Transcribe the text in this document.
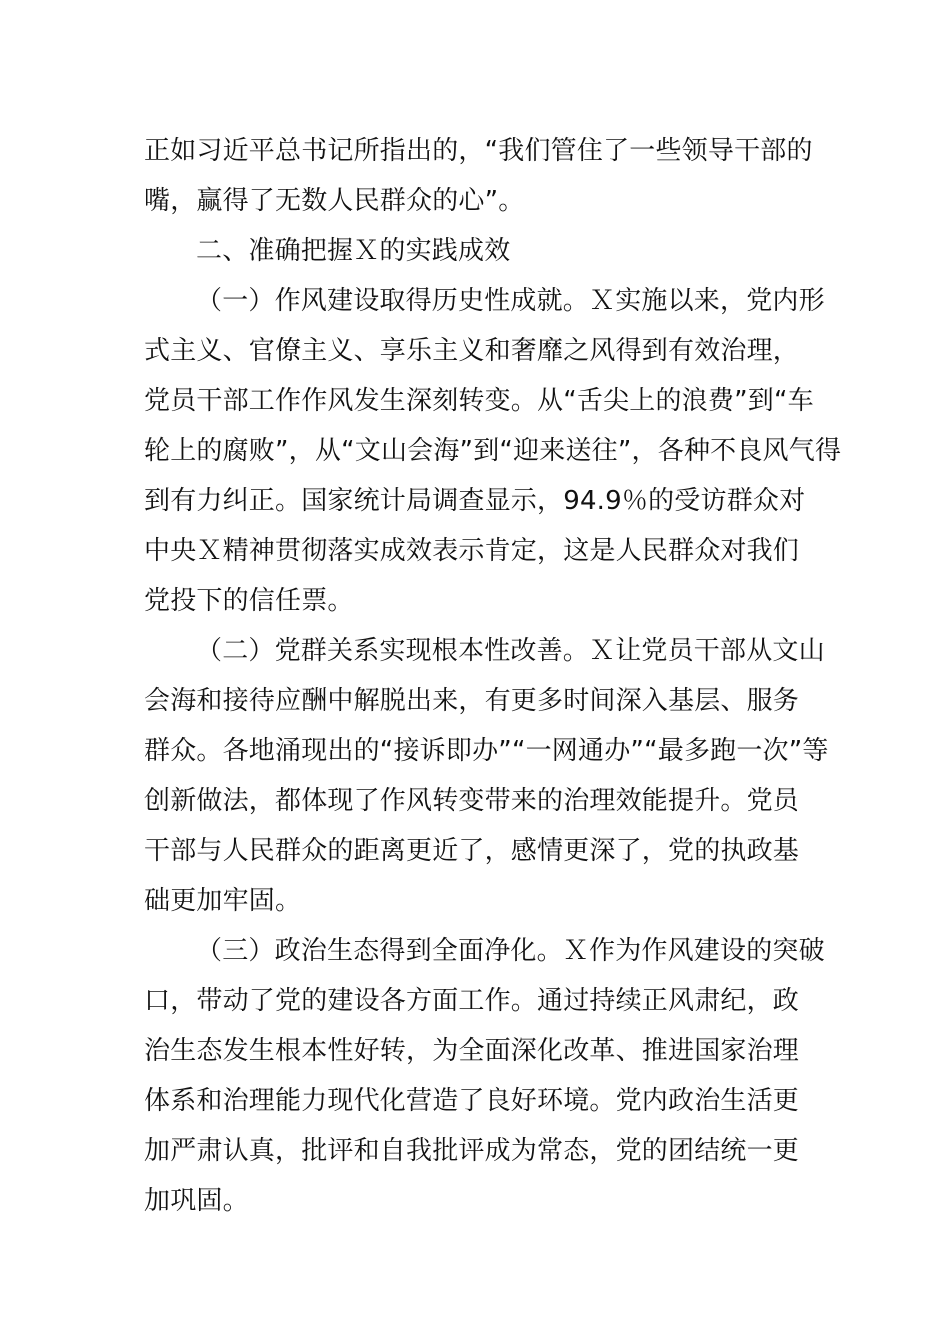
正如习近平总书记所指出的，“我们管住了一些领导干部的
嘴，赢得了无数人民群众的心”。
二、准确把握Ｘ的实践成效
（一）作风建设取得历史性成就。Ｘ实施以来，党内形
式主义、官僚主义、享乐主义和奢靡之风得到有效治理，
党员干部工作作风发生深刻转变。从“舌尖上的浪费”到“车
轮上的腐败”，从“文山会海”到“迎来送往”，各种不良风气得
到有力纠正。国家统计局调查显示，94.9％的受访群众对
中央Ｘ精神贯彻落实成效表示肯定，这是人民群众对我们
党投下的信任票。
（二）党群关系实现根本性改善。Ｘ让党员干部从文山
会海和接待应酬中解脱出来，有更多时间深入基层、服务
群众。各地涌现出的“接诉即办”“一网通办”“最多跑一次”等
创新做法，都体现了作风转变带来的治理效能提升。党员
干部与人民群众的距离更近了，感情更深了，党的执政基
础更加牢固。
（三）政治生态得到全面净化。Ｘ作为作风建设的突破
口，带动了党的建设各方面工作。通过持续正风肃纪，政
治生态发生根本性好转，为全面深化改革、推进国家治理
体系和治理能力现代化营造了良好环境。党内政治生活更
加严肃认真，批评和自我批评成为常态，党的团结统一更
加巩固。
